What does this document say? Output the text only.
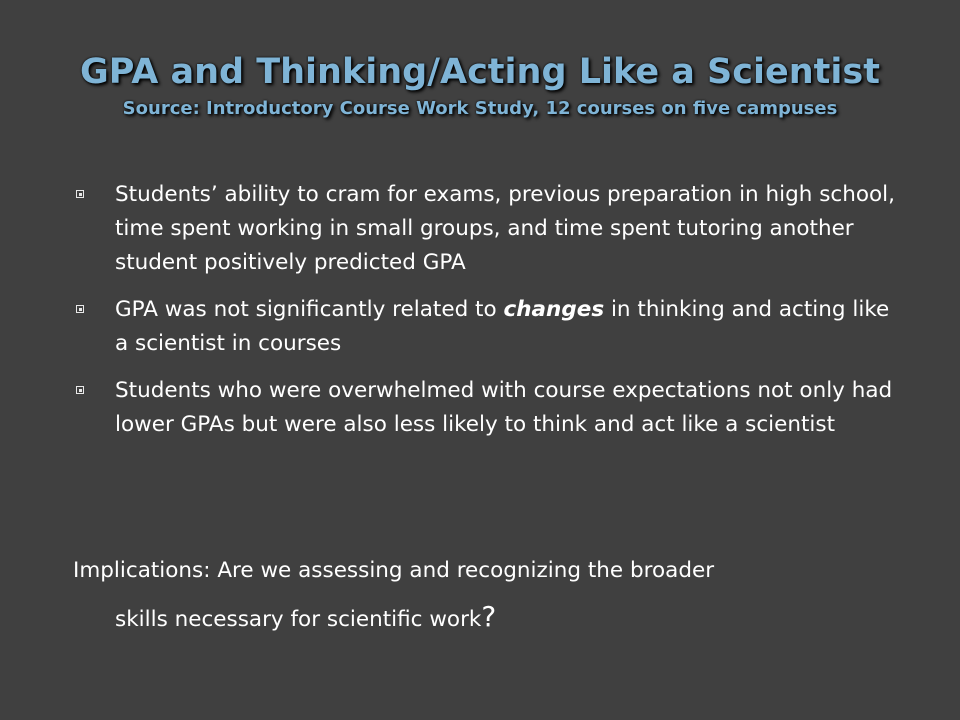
GPA and Thinking/Acting Like a Scientist

Source: Introductory Course Work Study, 12 courses on five campuses

Students’ ability to cram for exams, previous preparation in high school, time spent working in small groups, and time spent tutoring another student positively predicted GPA
GPA was not significantly related to changes in thinking and acting like a scientist in courses
Students who were overwhelmed with course expectations not only had lower GPAs but were also less likely to think and act like a scientist

Implications: Are we assessing and recognizing the broader
skills necessary for scientific work?
